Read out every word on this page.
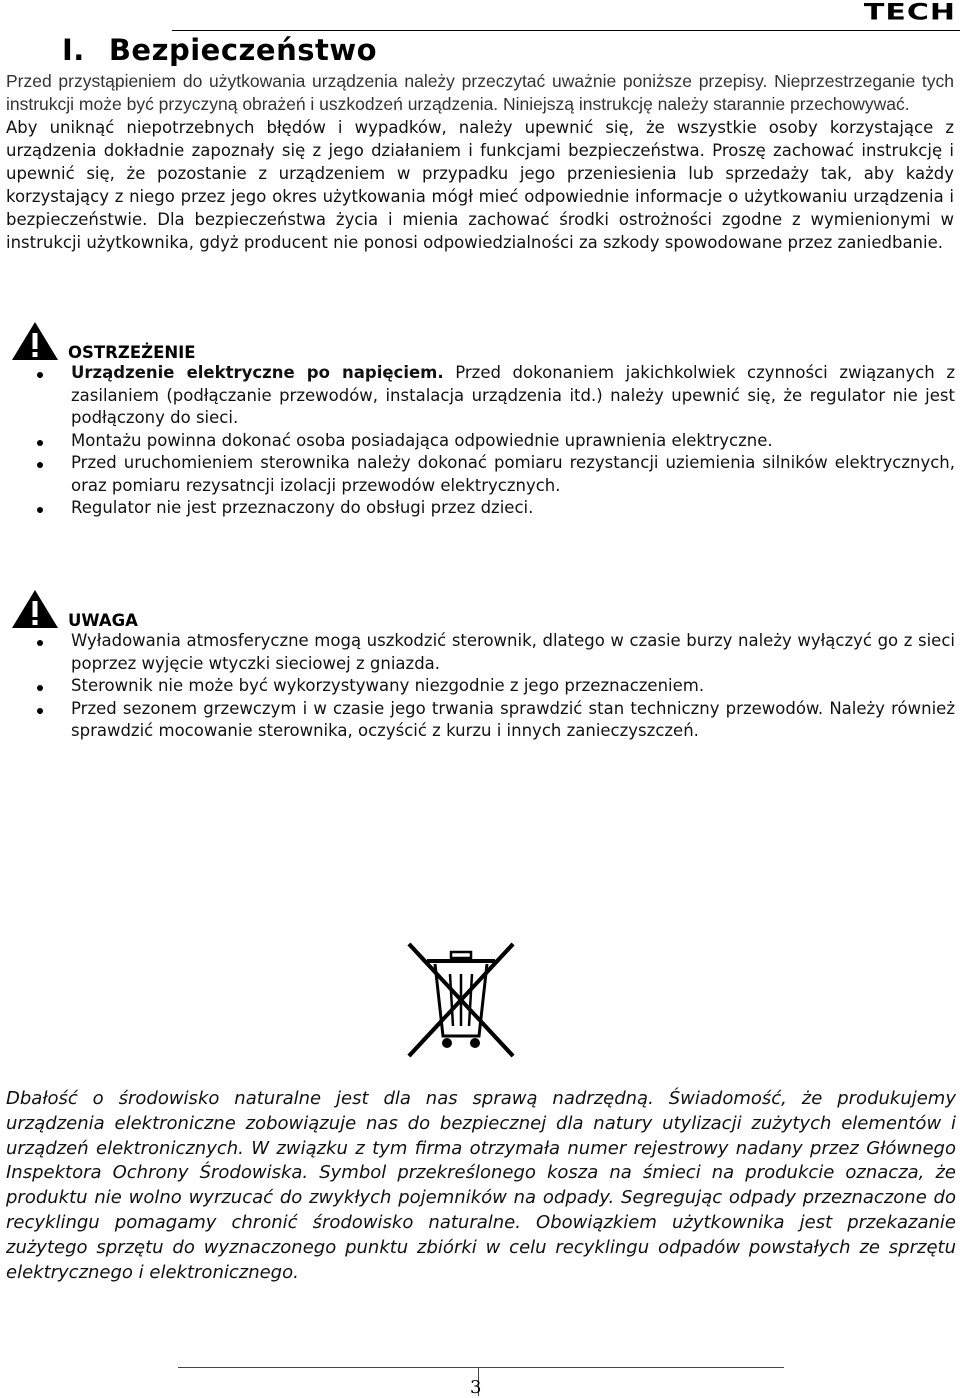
TECH
I. Bezpieczeństwo

Przed przystąpieniem do użytkowania urządzenia należy przeczytać uważnie poniższe przepisy. Nieprzestrzeganie tych instrukcji może być przyczyną obrażeń i uszkodzeń urządzenia. Niniejszą instrukcję należy starannie przechowywać.

Aby uniknąć niepotrzebnych błędów i wypadków, należy upewnić się, że wszystkie osoby korzystające z urządzenia dokładnie zapoznały się z jego działaniem i funkcjami bezpieczeństwa. Proszę zachować instrukcję i upewnić się, że pozostanie z urządzeniem w przypadku jego przeniesienia lub sprzedaży tak, aby każdy korzystający z niego przez jego okres użytkowania mógł mieć odpowiednie informacje o użytkowaniu urządzenia i bezpieczeństwie. Dla bezpieczeństwa życia i mienia zachować środki ostrożności zgodne z wymienionymi w instrukcji użytkownika, gdyż producent nie ponosi odpowiedzialności za szkody spowodowane przez zaniedbanie.

OSTRZEŻENIE
Urządzenie elektryczne po napięciem. Przed dokonaniem jakichkolwiek czynności związanych z zasilaniem (podłączanie przewodów, instalacja urządzenia itd.) należy upewnić się, że regulator nie jest podłączony do sieci.
Montażu powinna dokonać osoba posiadająca odpowiednie uprawnienia elektryczne.
Przed uruchomieniem sterownika należy dokonać pomiaru rezystancji uziemienia silników elektrycznych, oraz pomiaru rezysatncji izolacji przewodów elektrycznych.
Regulator nie jest przeznaczony do obsługi przez dzieci.
UWAGA
Wyładowania atmosferyczne mogą uszkodzić sterownik, dlatego w czasie burzy należy wyłączyć go z sieci poprzez wyjęcie wtyczki sieciowej z gniazda.
Sterownik nie może być wykorzystywany niezgodnie z jego przeznaczeniem.
Przed sezonem grzewczym i w czasie jego trwania sprawdzić stan techniczny przewodów. Należy również sprawdzić mocowanie sterownika, oczyścić z kurzu i innych zanieczyszczeń.

Dbałość o środowisko naturalne jest dla nas sprawą nadrzędną. Świadomość, że produkujemy urządzenia elektroniczne zobowiązuje nas do bezpiecznej dla natury utylizacji zużytych elementów i urządzeń elektronicznych. W związku z tym firma otrzymała numer rejestrowy nadany przez Głównego Inspektora Ochrony Środowiska. Symbol przekreślonego kosza na śmieci na produkcie oznacza, że produktu nie wolno wyrzucać do zwykłych pojemników na odpady. Segregując odpady przeznaczone do recyklingu pomagamy chronić środowisko naturalne. Obowiązkiem użytkownika jest przekazanie zużytego sprzętu do wyznaczonego punktu zbiórki w celu recyklingu odpadów powstałych ze sprzętu elektrycznego i elektronicznego.

3
